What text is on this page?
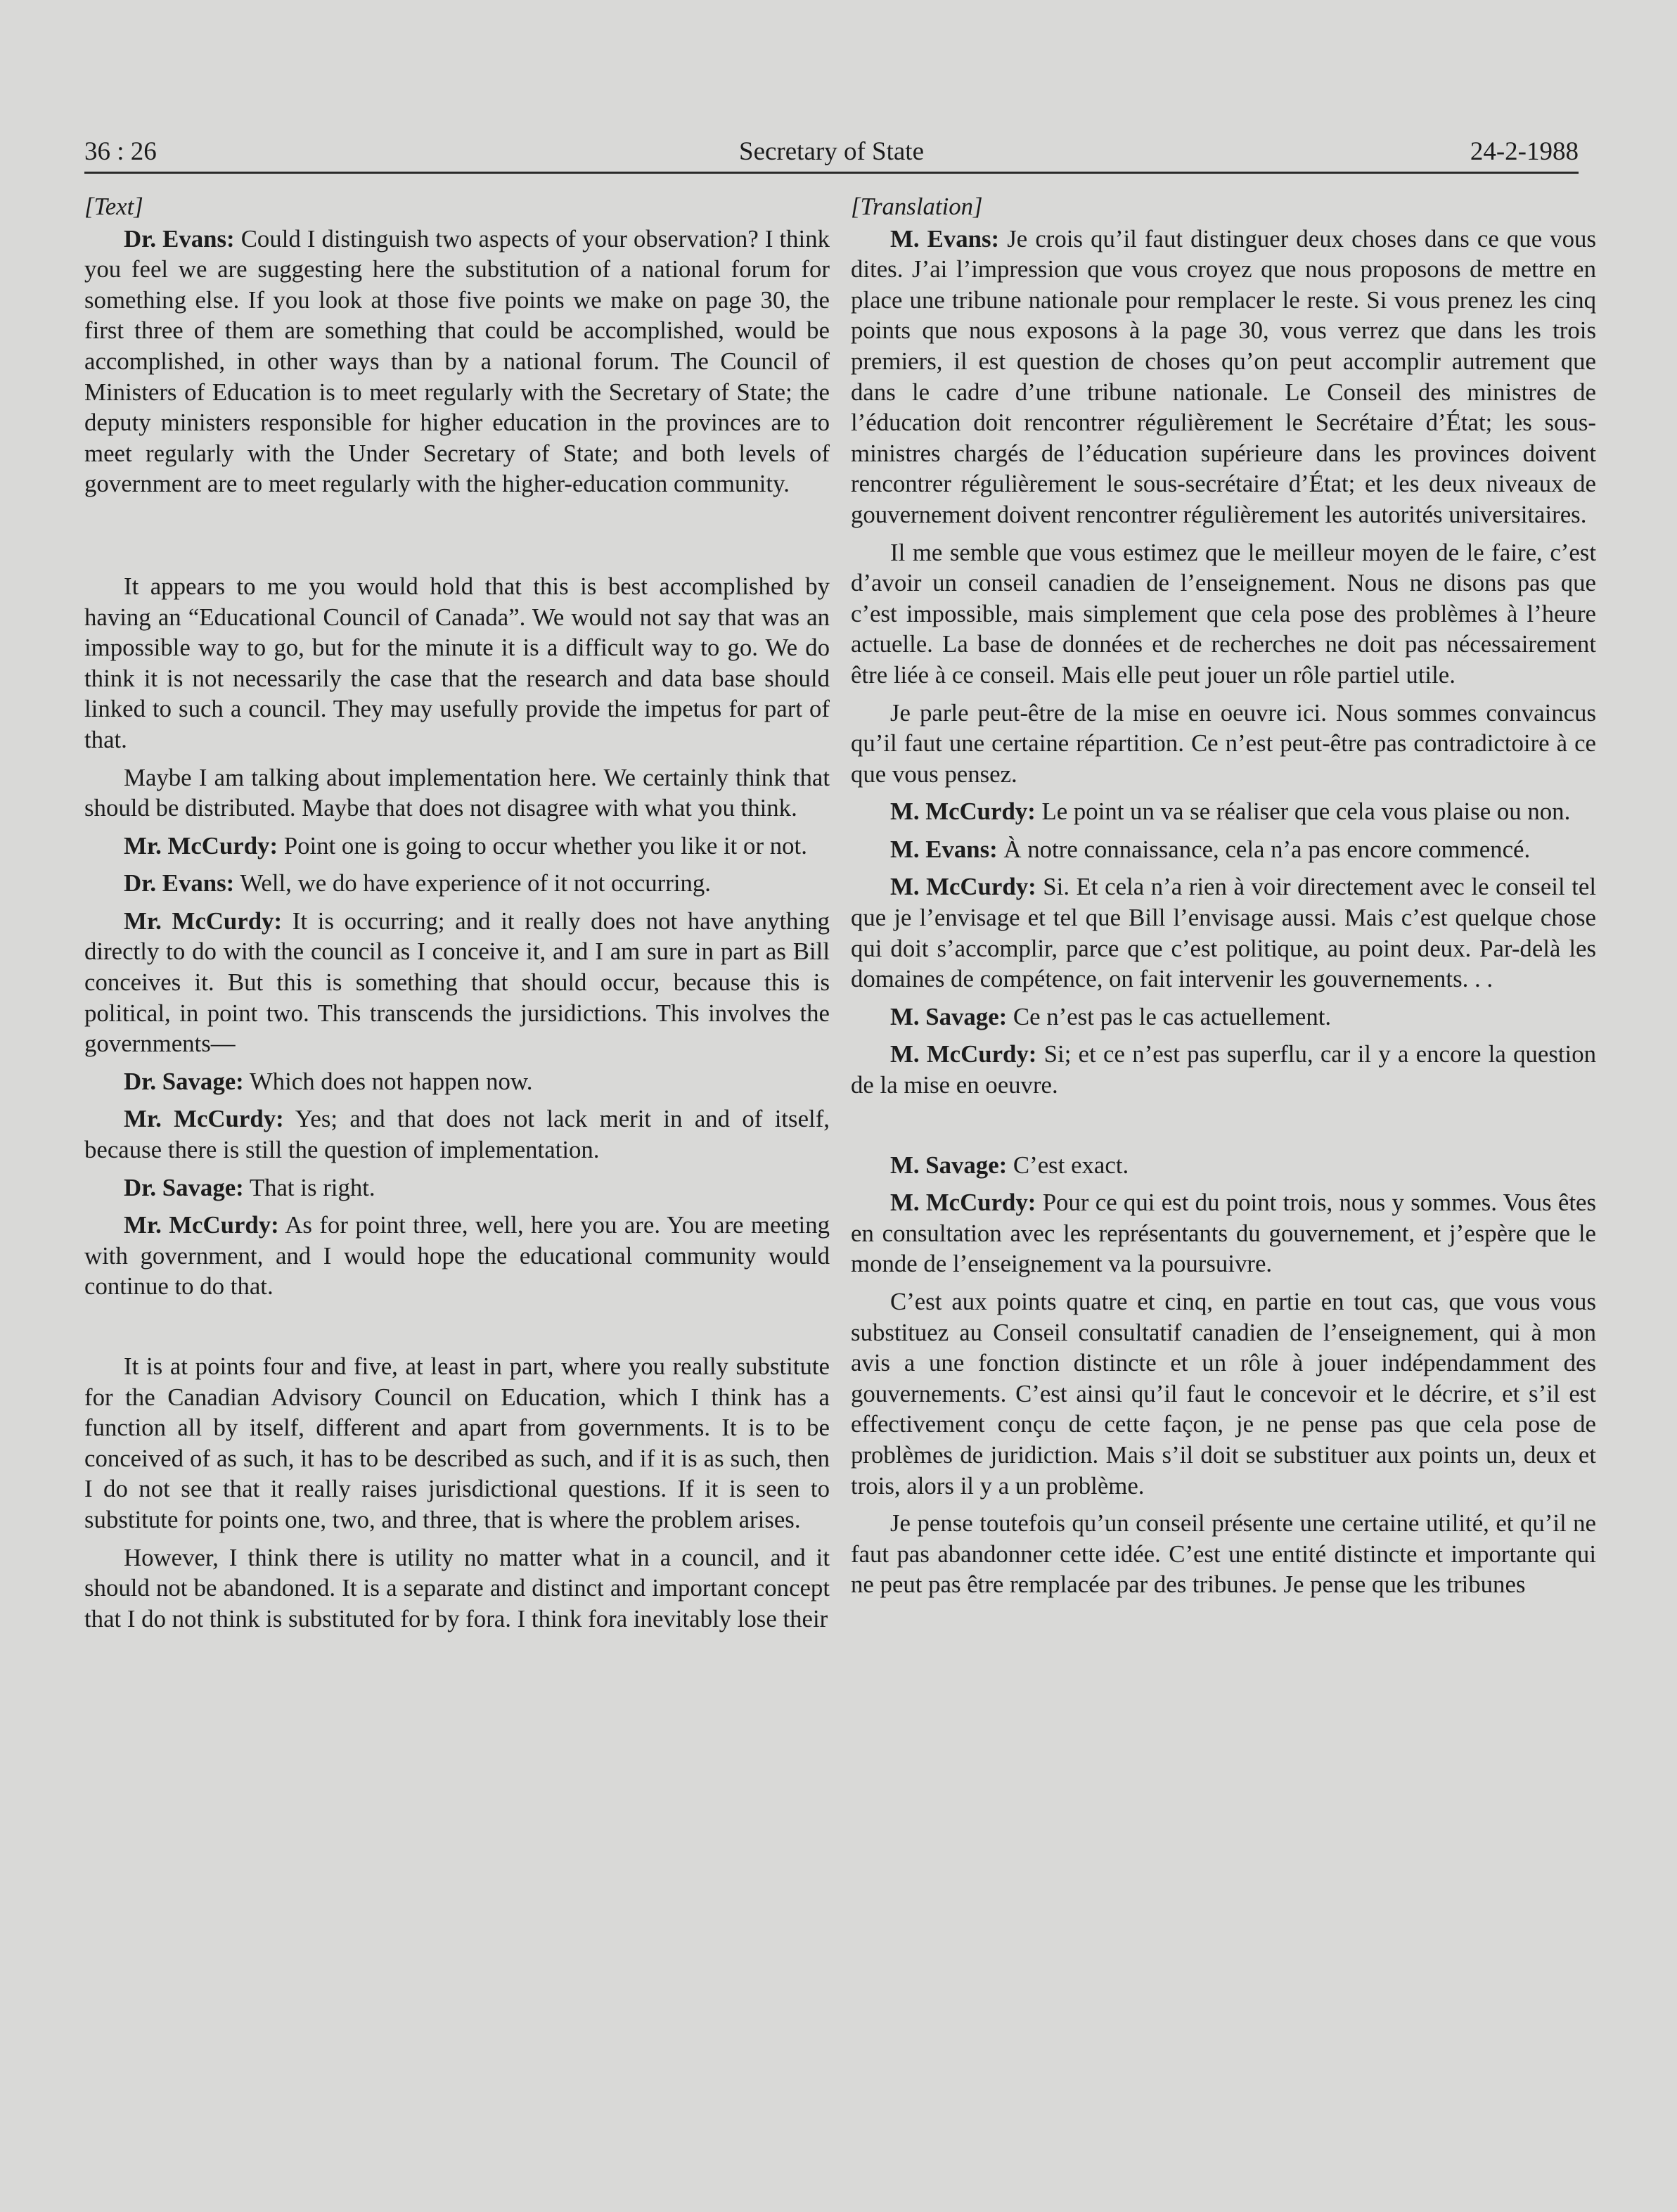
36 : 26	Secretary of State	24-2-1988

[Text]

Dr. Evans: Could I distinguish two aspects of your observation? I think you feel we are suggesting here the substitution of a national forum for something else. If you look at those five points we make on page 30, the first three of them are something that could be accomplished, would be accomplished, in other ways than by a national forum. The Council of Ministers of Education is to meet regularly with the Secretary of State; the deputy ministers responsible for higher education in the provinces are to meet regularly with the Under Secretary of State; and both levels of government are to meet regularly with the higher-education community.

It appears to me you would hold that this is best accomplished by having an “Educational Council of Canada”. We would not say that was an impossible way to go, but for the minute it is a difficult way to go. We do think it is not necessarily the case that the research and data base should linked to such a council. They may usefully provide the impetus for part of that.

Maybe I am talking about implementation here. We certainly think that should be distributed. Maybe that does not disagree with what you think.

Mr. McCurdy: Point one is going to occur whether you like it or not.

Dr. Evans: Well, we do have experience of it not occurring.

Mr. McCurdy: It is occurring; and it really does not have anything directly to do with the council as I conceive it, and I am sure in part as Bill conceives it. But this is something that should occur, because this is political, in point two. This transcends the jursidictions. This involves the governments—

Dr. Savage: Which does not happen now.

Mr. McCurdy: Yes; and that does not lack merit in and of itself, because there is still the question of implementation.

Dr. Savage: That is right.

Mr. McCurdy: As for point three, well, here you are. You are meeting with government, and I would hope the educational community would continue to do that.

It is at points four and five, at least in part, where you really substitute for the Canadian Advisory Council on Education, which I think has a function all by itself, different and apart from governments. It is to be conceived of as such, it has to be described as such, and if it is as such, then I do not see that it really raises jurisdictional questions. If it is seen to substitute for points one, two, and three, that is where the problem arises.

However, I think there is utility no matter what in a council, and it should not be abandoned. It is a separate and distinct and important concept that I do not think is substituted for by fora. I think fora inevitably lose their

[Translation]

M. Evans: Je crois qu’il faut distinguer deux choses dans ce que vous dites. J’ai l’impression que vous croyez que nous proposons de mettre en place une tribune nationale pour remplacer le reste. Si vous prenez les cinq points que nous exposons à la page 30, vous verrez que dans les trois premiers, il est question de choses qu’on peut accomplir autrement que dans le cadre d’une tribune nationale. Le Conseil des ministres de l’éducation doit rencontrer régulièrement le Secrétaire d’État; les sous-ministres chargés de l’éducation supérieure dans les provinces doivent rencontrer régulièrement le sous-secrétaire d’État; et les deux niveaux de gouvernement doivent rencontrer régulièrement les autorités universitaires.

Il me semble que vous estimez que le meilleur moyen de le faire, c’est d’avoir un conseil canadien de l’enseignement. Nous ne disons pas que c’est impossible, mais simplement que cela pose des problèmes à l’heure actuelle. La base de données et de recherches ne doit pas nécessairement être liée à ce conseil. Mais elle peut jouer un rôle partiel utile.

Je parle peut-être de la mise en oeuvre ici. Nous sommes convaincus qu’il faut une certaine répartition. Ce n’est peut-être pas contradictoire à ce que vous pensez.

M. McCurdy: Le point un va se réaliser que cela vous plaise ou non.

M. Evans: À notre connaissance, cela n’a pas encore commencé.

M. McCurdy: Si. Et cela n’a rien à voir directement avec le conseil tel que je l’envisage et tel que Bill l’envisage aussi. Mais c’est quelque chose qui doit s’accomplir, parce que c’est politique, au point deux. Par-delà les domaines de compétence, on fait intervenir les gouvernements. . .

M. Savage: Ce n’est pas le cas actuellement.

M. McCurdy: Si; et ce n’est pas superflu, car il y a encore la question de la mise en oeuvre.

M. Savage: C’est exact.

M. McCurdy: Pour ce qui est du point trois, nous y sommes. Vous êtes en consultation avec les représentants du gouvernement, et j’espère que le monde de l’enseignement va la poursuivre.

C’est aux points quatre et cinq, en partie en tout cas, que vous vous substituez au Conseil consultatif canadien de l’enseignement, qui à mon avis a une fonction distincte et un rôle à jouer indépendamment des gouvernements. C’est ainsi qu’il faut le concevoir et le décrire, et s’il est effectivement conçu de cette façon, je ne pense pas que cela pose de problèmes de juridiction. Mais s’il doit se substituer aux points un, deux et trois, alors il y a un problème.

Je pense toutefois qu’un conseil présente une certaine utilité, et qu’il ne faut pas abandonner cette idée. C’est une entité distincte et importante qui ne peut pas être remplacée par des tribunes. Je pense que les tribunes
